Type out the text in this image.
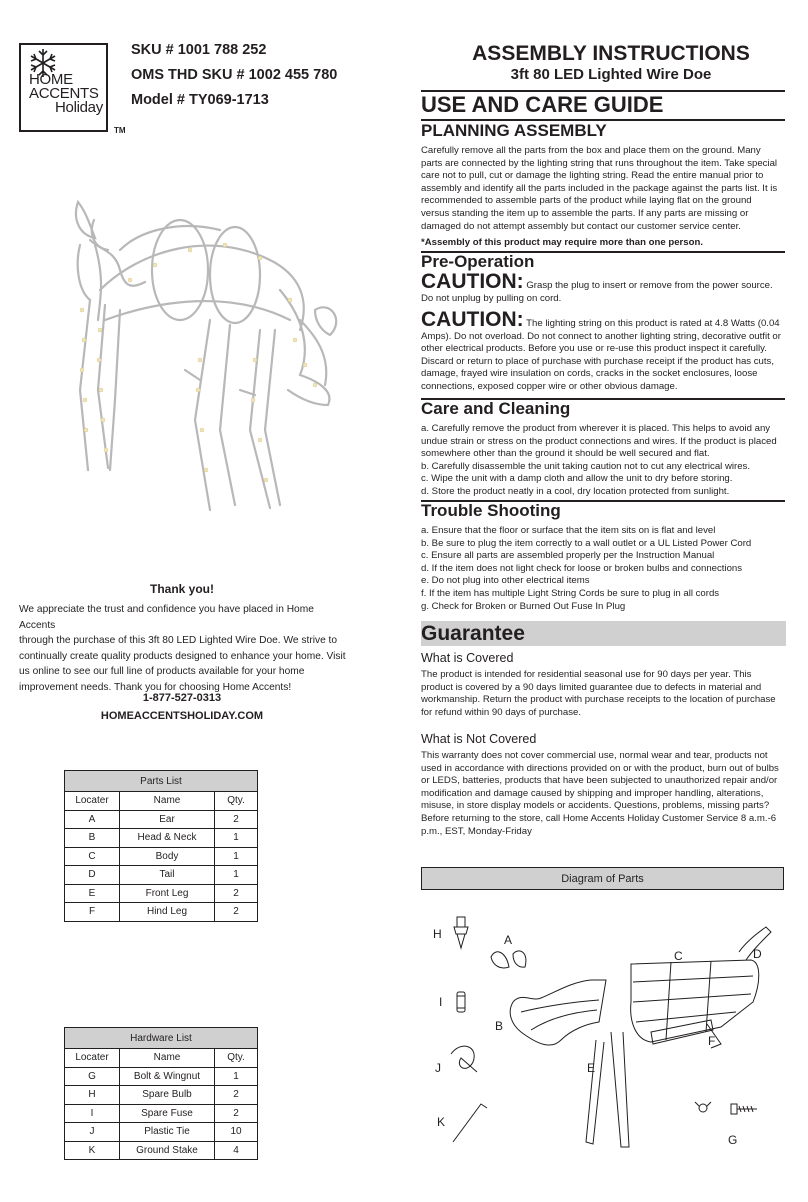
HOME
ACCENTS
Holiday
TM
SKU # 1001 788 252
OMS THD SKU # 1002 455 780
Model # TY069-1713
Thank you!
We appreciate the trust and confidence you have placed in Home Accents
through the purchase of this 3ft 80 LED Lighted Wire Doe. We strive to
continually create quality products designed to enhance your home. Visit
us online to see our full line of products available for your home
improvement needs. Thank you for choosing Home Accents!
1-877-527-0313
HOMEACCENTSHOLIDAY.COM
Parts List		
Locater	Name	Qty.
A	Ear	2
B	Head & Neck	1
C	Body	1
D	Tail	1
E	Front Leg	2
F	Hind Leg	2
Hardware List		
Locater	Name	Qty.
G	Bolt & Wingnut	1
H	Spare Bulb	2
I	Spare Fuse	2
J	Plastic Tie	10
K	Ground Stake	4
ASSEMBLY INSTRUCTIONS
3ft 80 LED Lighted Wire Doe
USE AND CARE GUIDE
PLANNING ASSEMBLY
Carefully remove all the parts from the box and place them on the ground. Many
parts are connected by the lighting string that runs throughout the item. Take special
care not to pull, cut or damage the lighting string. Read the entire manual prior to
assembly and identify all the parts included in the package against the parts list. It is
recommended to assemble parts of the product while laying flat on the ground
versus standing the item up to assemble the parts. If any parts are missing or
damaged do not attempt assembly but contact our customer service center.
*Assembly of this product may require more than one person.
Pre-Operation
CAUTION: Grasp the plug to insert or remove from the power source.
Do not unplug by pulling on cord.
CAUTION: The lighting string on this product is rated at 4.8 Watts (0.04
Amps). Do not overload. Do not connect to another lighting string, decorative outfit or
other electrical products. Before you use or re-use this product inspect it carefully.
Discard or return to place of purchase with purchase receipt if the product has cuts,
damage, frayed wire insulation on cords, cracks in the socket enclosures, loose
connections, exposed copper wire or other obvious damage.
Care and Cleaning
a. Carefully remove the product from wherever it is placed. This helps to avoid any
undue strain or stress on the product connections and wires. If the product is placed
somewhere other than the ground it should be well secured and flat.
b. Carefully disassemble the unit taking caution not to cut any electrical wires.
c. Wipe the unit with a damp cloth and allow the unit to dry before storing.
d. Store the product neatly in a cool, dry location protected from sunlight.
Trouble Shooting
a. Ensure that the floor or surface that the item sits on is flat and level
b. Be sure to plug the item correctly to a wall outlet or a UL Listed Power Cord
c. Ensure all parts are assembled properly per the Instruction Manual
d. If the item does not light check for loose or broken bulbs and connections
e. Do not plug into other electrical items
f. If the item has multiple Light String Cords be sure to plug in all cords
g. Check for Broken or Burned Out Fuse In Plug
Guarantee
What is Covered
The product is intended for residential seasonal use for 90 days per year. This
product is covered by a 90 days limited guarantee due to defects in material and
workmanship. Return the product with purchase receipts to the location of purchase
for refund within 90 days of purchase.
What is Not Covered
This warranty does not cover commercial use, normal wear and tear, products not
used in accordance with directions provided on or with the product, burn out of bulbs
or LEDS, batteries, products that have been subjected to unauthorized repair and/or
modification and damage caused by shipping and improper handling, alterations,
misuse, in store display models or accidents. Questions, problems, missing parts?
Before returning to the store, call Home Accents Holiday Customer Service 8 a.m.-6
p.m., EST, Monday-Friday
Diagram of Parts
H
I
J
K
A
B
C	D
E
F
G
